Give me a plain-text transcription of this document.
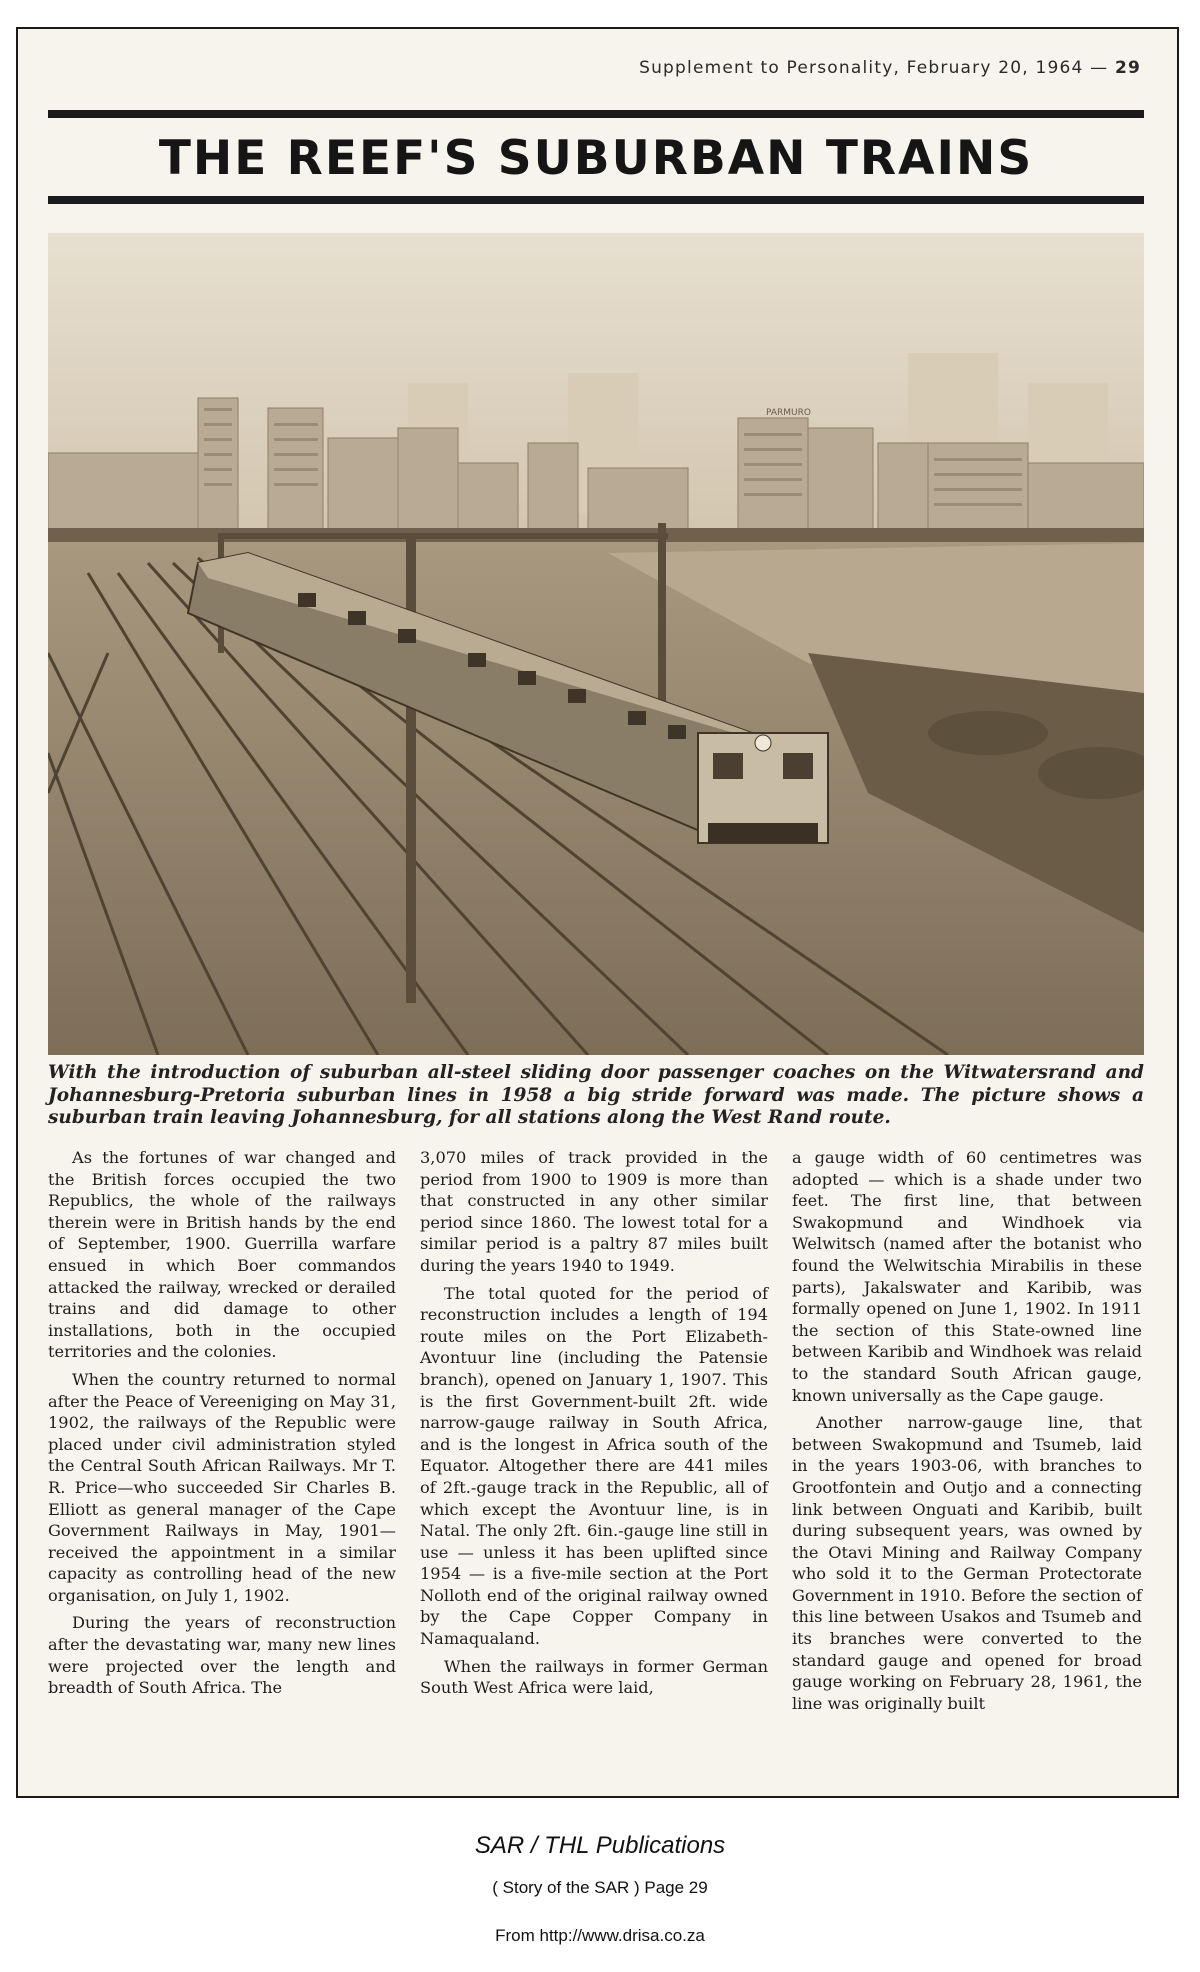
Supplement to Personality, February 20, 1964 — 29
THE REEF'S SUBURBAN TRAINS
PARMURO
With the introduction of suburban all-steel sliding door passenger coaches on the Witwatersrand and Johannesburg-Pretoria suburban lines in 1958 a big stride forward was made. The picture shows a suburban train leaving Johannesburg, for all stations along the West Rand route.

As the fortunes of war changed and the British forces occupied the two Republics, the whole of the railways therein were in British hands by the end of September, 1900. Guerrilla warfare ensued in which Boer commandos attacked the railway, wrecked or derailed trains and did damage to other installations, both in the occupied territories and the colonies.

When the country returned to normal after the Peace of Vereeniging on May 31, 1902, the railways of the Republic were placed under civil administration styled the Central South African Railways. Mr T. R. Price—who succeeded Sir Charles B. Elliott as general manager of the Cape Government Railways in May, 1901—received the appointment in a similar capacity as controlling head of the new organisation, on July 1, 1902.

During the years of reconstruction after the devastating war, many new lines were projected over the length and breadth of South Africa. The

3,070 miles of track provided in the period from 1900 to 1909 is more than that constructed in any other similar period since 1860. The lowest total for a similar period is a paltry 87 miles built during the years 1940 to 1949.

The total quoted for the period of reconstruction includes a length of 194 route miles on the Port Elizabeth-Avontuur line (including the Patensie branch), opened on January 1, 1907. This is the first Government-built 2ft. wide narrow-gauge railway in South Africa, and is the longest in Africa south of the Equator. Altogether there are 441 miles of 2ft.-gauge track in the Republic, all of which except the Avontuur line, is in Natal. The only 2ft. 6in.-gauge line still in use — unless it has been uplifted since 1954 — is a five-mile section at the Port Nolloth end of the original railway owned by the Cape Copper Company in Namaqualand.

When the railways in former German South West Africa were laid,

a gauge width of 60 centimetres was adopted — which is a shade under two feet. The first line, that between Swakopmund and Windhoek via Welwitsch (named after the botanist who found the Welwitschia Mirabilis in these parts), Jakalswater and Karibib, was formally opened on June 1, 1902. In 1911 the section of this State-owned line between Karibib and Windhoek was relaid to the standard South African gauge, known universally as the Cape gauge.

Another narrow-gauge line, that between Swakopmund and Tsumeb, laid in the years 1903-06, with branches to Grootfontein and Outjo and a connecting link between Onguati and Karibib, built during subsequent years, was owned by the Otavi Mining and Railway Company who sold it to the German Protectorate Government in 1910. Before the section of this line between Usakos and Tsumeb and its branches were converted to the standard gauge and opened for broad gauge working on February 28, 1961, the line was originally built

SAR / THL Publications
( Story of the SAR ) Page 29
From http://www.drisa.co.za
